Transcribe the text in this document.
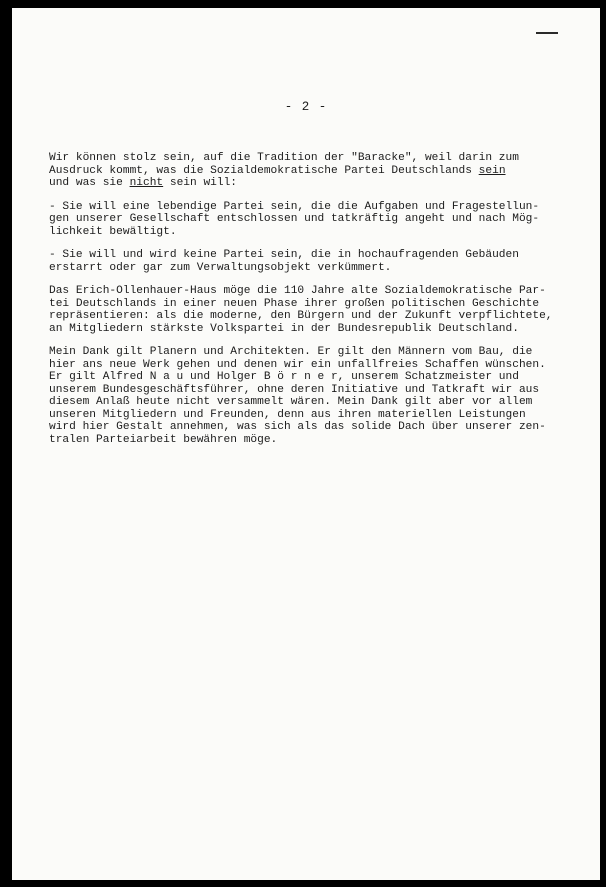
- 2 -
Wir können stolz sein, auf die Tradition der "Baracke", weil darin zum
Ausdruck kommt, was die Sozialdemokratische Partei Deutschlands sein
und was sie nicht sein will:
- Sie will eine lebendige Partei sein, die die Aufgaben und Fragestellun-
gen unserer Gesellschaft entschlossen und tatkräftig angeht und nach Mög-
lichkeit bewältigt.
- Sie will und wird keine Partei sein, die in hochaufragenden Gebäuden
erstarrt oder gar zum Verwaltungsobjekt verkümmert.
Das Erich-Ollenhauer-Haus möge die 110 Jahre alte Sozialdemokratische Par-
tei Deutschlands in einer neuen Phase ihrer großen politischen Geschichte
repräsentieren: als die moderne, den Bürgern und der Zukunft verpflichtete,
an Mitgliedern stärkste Volkspartei in der Bundesrepublik Deutschland.
Mein Dank gilt Planern und Architekten. Er gilt den Männern vom Bau, die
hier ans neue Werk gehen und denen wir ein unfallfreies Schaffen wünschen.
Er gilt Alfred N a u und Holger B ö r n e r, unserem Schatzmeister und
unserem Bundesgeschäftsführer, ohne deren Initiative und Tatkraft wir aus
diesem Anlaß heute nicht versammelt wären. Mein Dank gilt aber vor allem
unseren Mitgliedern und Freunden, denn aus ihren materiellen Leistungen
wird hier Gestalt annehmen, was sich als das solide Dach über unserer zen-
tralen Parteiarbeit bewähren möge.
